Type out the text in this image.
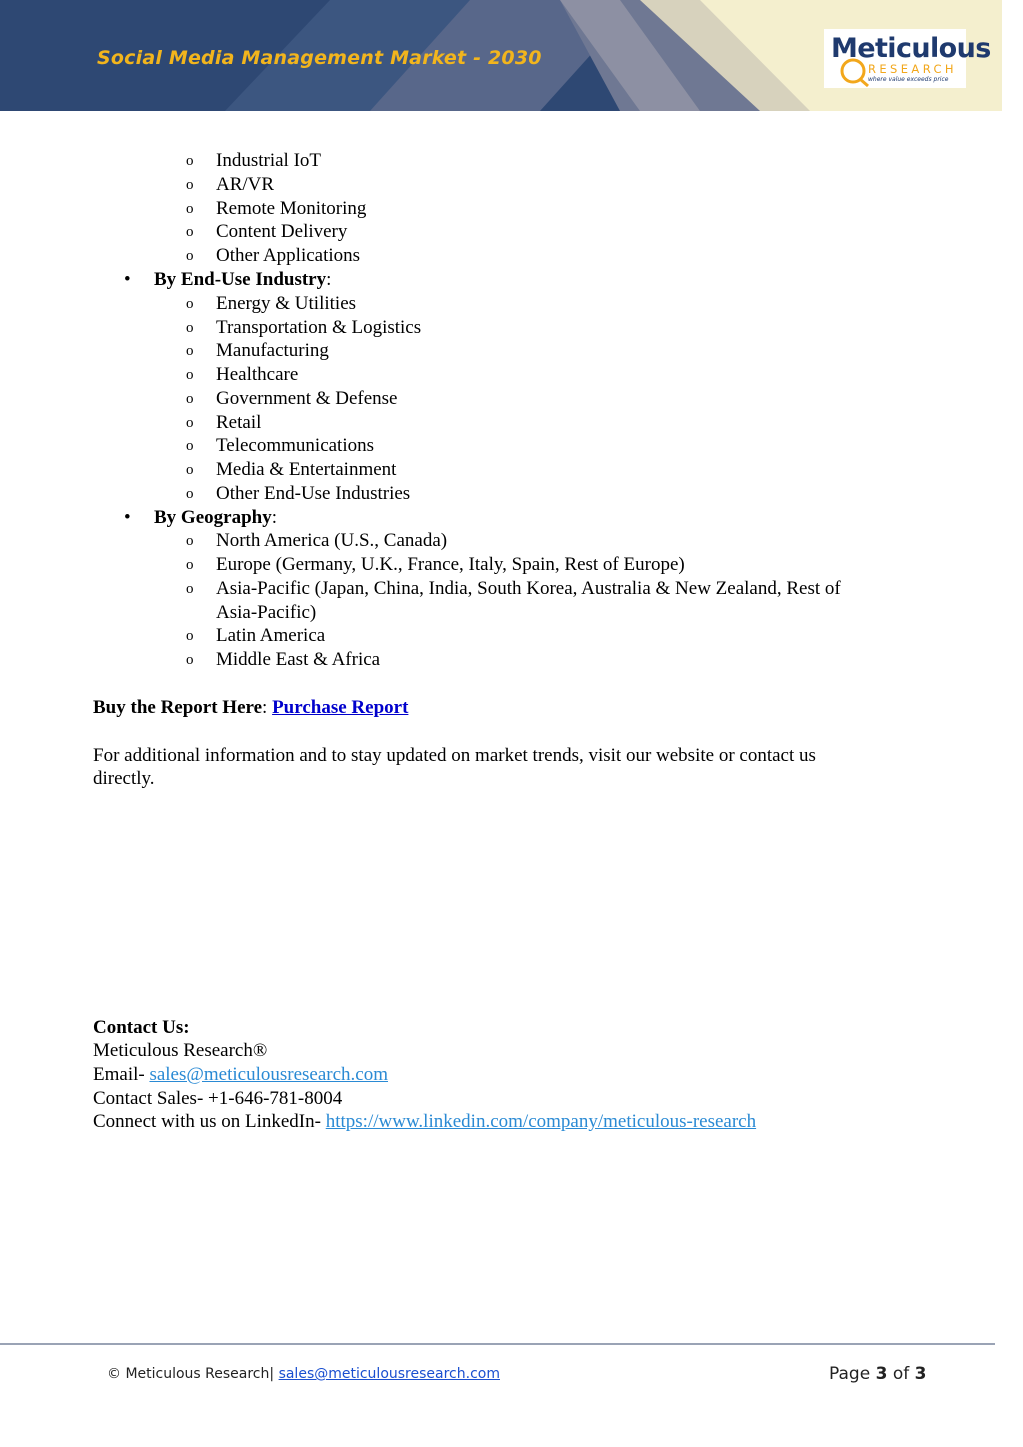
Social Media Management Market - 2030	Meticulous
RESEARCH
where value exceeds price
o Industrial IoT
o AR/VR
o Remote Monitoring
o Content Delivery
o Other Applications
• By End-Use Industry:
o Energy & Utilities
o Transportation & Logistics
o Manufacturing
o Healthcare
o Government & Defense
o Retail
o Telecommunications
o Media & Entertainment
o Other End-Use Industries
• By Geography:
o North America (U.S., Canada)
o Europe (Germany, U.K., France, Italy, Spain, Rest of Europe)
o Asia-Pacific (Japan, China, India, South Korea, Australia & New Zealand, Rest of
Asia-Pacific)
o Latin America
o Middle East & Africa
Buy the Report Here: Purchase Report
For additional information and to stay updated on market trends, visit our website or contact us
directly.
Contact Us:
Meticulous Research®
Email- sales@meticulousresearch.com
Contact Sales- +1-646-781-8004
Connect with us on LinkedIn- https://www.linkedin.com/company/meticulous-research
© Meticulous Research| sales@meticulousresearch.com	Page 3 of 3
